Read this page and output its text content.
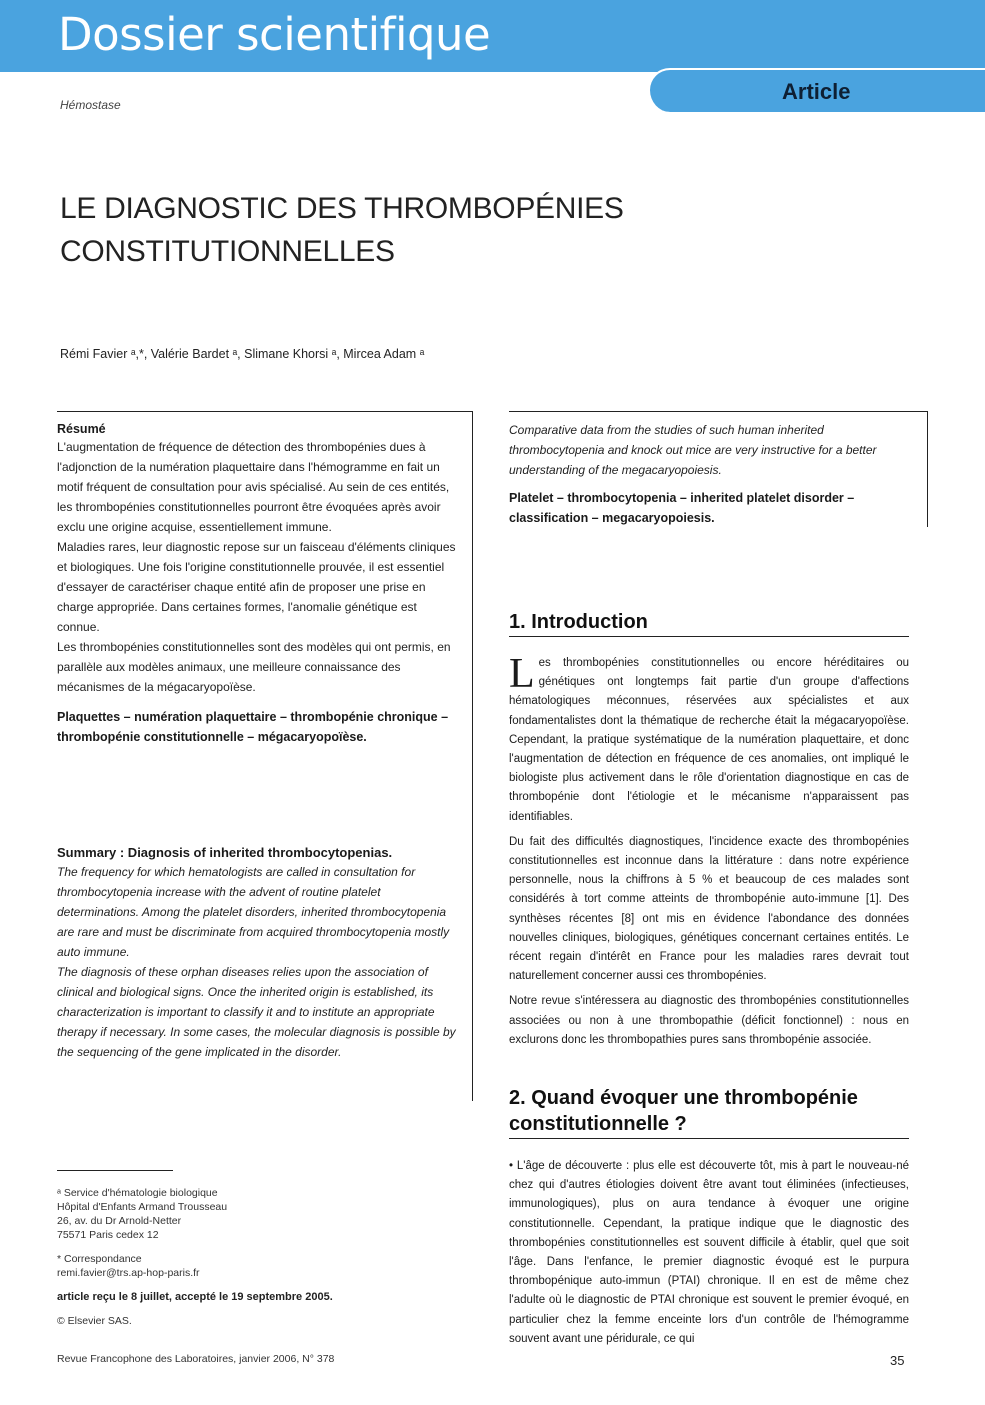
Dossier scientifique
Article
Hémostase
LE DIAGNOSTIC DES THROMBOPÉNIES
CONSTITUTIONNELLES
Rémi Favier ᵃ,*, Valérie Bardet ᵃ, Slimane Khorsi ᵃ, Mircea Adam ᵃ
Résumé

L'augmentation de fréquence de détection des thrombopénies dues à l'adjonction de la numération plaquettaire dans l'hémogramme en fait un motif fréquent de consultation pour avis spécialisé. Au sein de ces entités, les thrombopénies constitutionnelles pourront être évoquées après avoir exclu une origine acquise, essentiellement immune.

Maladies rares, leur diagnostic repose sur un faisceau d'éléments cliniques et biologiques. Une fois l'origine constitutionnelle prouvée, il est essentiel d'essayer de caractériser chaque entité afin de proposer une prise en charge appropriée. Dans certaines formes, l'anomalie génétique est connue.

Les thrombopénies constitutionnelles sont des modèles qui ont permis, en parallèle aux modèles animaux, une meilleure connaissance des mécanismes de la mégacaryopoïèse.

Plaquettes – numération plaquettaire – thrombopénie chronique – thrombopénie constitutionnelle – mégacaryopoïèse.
Summary : Diagnosis of inherited thrombocytopenias.

The frequency for which hematologists are called in consultation for thrombocytopenia increase with the advent of routine platelet determinations. Among the platelet disorders, inherited thrombocytopenia are rare and must be discriminate from acquired thrombocytopenia mostly auto immune.

The diagnosis of these orphan diseases relies upon the association of clinical and biological signs. Once the inherited origin is established, its characterization is important to classify it and to institute an appropriate therapy if necessary. In some cases, the molecular diagnosis is possible by the sequencing of the gene implicated in the disorder.

Comparative data from the studies of such human inherited thrombocytopenia and knock out mice are very instructive for a better understanding of the megacaryopoiesis.

Platelet – thrombocytopenia – inherited platelet disorder – classification – megacaryopoiesis.
1. Introduction

L es thrombopénies constitutionnelles ou encore héréditaires ou génétiques ont longtemps fait partie d'un groupe d'affections hématologiques méconnues, réservées aux spécialistes et aux fondamentalistes dont la thématique de recherche était la mégacaryopoïèse. Cependant, la pratique systématique de la numération plaquettaire, et donc l'augmentation de détection en fréquence de ces anomalies, ont impliqué le biologiste plus activement dans le rôle d'orientation diagnostique en cas de thrombopénie dont l'étiologie et le mécanisme n'apparaissent pas identifiables.

Du fait des difficultés diagnostiques, l'incidence exacte des thrombopénies constitutionnelles est inconnue dans la littérature : dans notre expérience personnelle, nous la chiffrons à 5 % et beaucoup de ces malades sont considérés à tort comme atteints de thrombopénie auto-immune [1]. Des synthèses récentes [8] ont mis en évidence l'abondance des données nouvelles cliniques, biologiques, génétiques concernant certaines entités. Le récent regain d'intérêt en France pour les maladies rares devrait tout naturellement concerner aussi ces thrombopénies.

Notre revue s'intéressera au diagnostic des thrombopénies constitutionnelles associées ou non à une thrombopathie (déficit fonctionnel) : nous en exclurons donc les thrombopathies pures sans thrombopénie associée.

2. Quand évoquer une thrombopénie
constitutionnelle ?

• L'âge de découverte : plus elle est découverte tôt, mis à part le nouveau-né chez qui d'autres étiologies doivent être avant tout éliminées (infectieuses, immunologiques), plus on aura tendance à évoquer une origine constitutionnelle. Cependant, la pratique indique que le diagnostic des thrombopénies constitutionnelles est souvent difficile à établir, quel que soit l'âge. Dans l'enfance, le premier diagnostic évoqué est le purpura thrombopénique auto-immun (PTAI) chronique. Il en est de même chez l'adulte où le diagnostic de PTAI chronique est souvent le premier évoqué, en particulier chez la femme enceinte lors d'un contrôle de l'hémogramme souvent avant une péridurale, ce qui

ᵃ Service d'hématologie biologique
Hôpital d'Enfants Armand Trousseau
26, av. du Dr Arnold-Netter
75571 Paris cedex 12
* Correspondance
remi.favier@trs.ap-hop-paris.fr
article reçu le 8 juillet, accepté le 19 septembre 2005.
© Elsevier SAS.
Revue Francophone des Laboratoires, janvier 2006, N° 378	35
